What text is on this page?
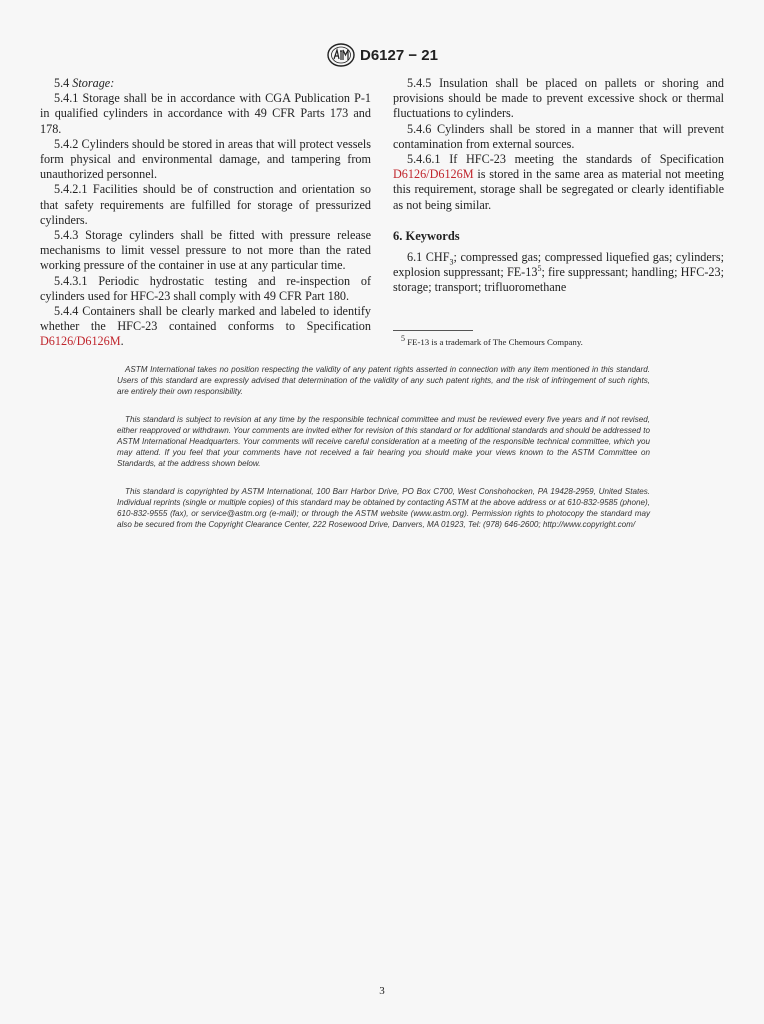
D6127 − 21

5.4 Storage:

5.4.1 Storage shall be in accordance with CGA Publication P-1 in qualified cylinders in accordance with 49 CFR Parts 173 and 178.

5.4.2 Cylinders should be stored in areas that will protect vessels form physical and environmental damage, and tampering from unauthorized personnel.

5.4.2.1 Facilities should be of construction and orientation so that safety requirements are fulfilled for storage of pressurized cylinders.

5.4.3 Storage cylinders shall be fitted with pressure release mechanisms to limit vessel pressure to not more than the rated working pressure of the container in use at any particular time.

5.4.3.1 Periodic hydrostatic testing and re-inspection of cylinders used for HFC-23 shall comply with 49 CFR Part 180.

5.4.4 Containers shall be clearly marked and labeled to identify whether the HFC-23 contained conforms to Specification D6126/D6126M.

5.4.5 Insulation shall be placed on pallets or shoring and provisions should be made to prevent excessive shock or thermal fluctuations to cylinders.

5.4.6 Cylinders shall be stored in a manner that will prevent contamination from external sources.

5.4.6.1 If HFC-23 meeting the standards of Specification D6126/D6126M is stored in the same area as material not meeting this requirement, storage shall be segregated or clearly identifiable as not being similar.

6. Keywords

6.1 $CHF_3$; compressed gas; compressed liquefied gas; cylinders; explosion suppressant; $FE-13^5$; fire suppressant; handling; HFC-23; storage; transport; trifluoromethane

$^5$ FE-13 is a trademark of The Chemours Company.

ASTM International takes no position respecting the validity of any patent rights asserted in connection with any item mentioned in this standard. Users of this standard are expressly advised that determination of the validity of any such patent rights, and the risk of infringement of such rights, are entirely their own responsibility.

This standard is subject to revision at any time by the responsible technical committee and must be reviewed every five years and if not revised, either reapproved or withdrawn. Your comments are invited either for revision of this standard or for additional standards and should be addressed to ASTM International Headquarters. Your comments will receive careful consideration at a meeting of the responsible technical committee, which you may attend. If you feel that your comments have not received a fair hearing you should make your views known to the ASTM Committee on Standards, at the address shown below.

This standard is copyrighted by ASTM International, 100 Barr Harbor Drive, PO Box C700, West Conshohocken, PA 19428-2959, United States. Individual reprints (single or multiple copies) of this standard may be obtained by contacting ASTM at the above address or at 610-832-9585 (phone), 610-832-9555 (fax), or service@astm.org (e-mail); or through the ASTM website (www.astm.org). Permission rights to photocopy the standard may also be secured from the Copyright Clearance Center, 222 Rosewood Drive, Danvers, MA 01923, Tel: (978) 646-2600; http://www.copyright.com/

3
